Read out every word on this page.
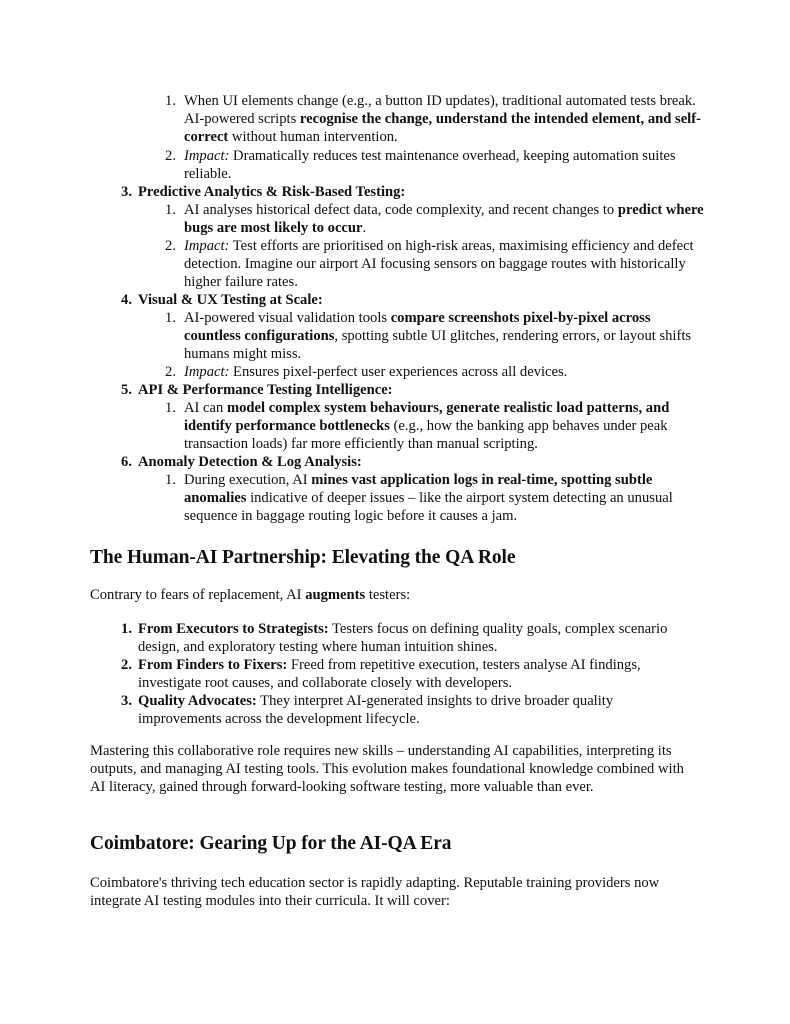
1. When UI elements change (e.g., a button ID updates), traditional automated tests break. AI-powered scripts recognise the change, understand the intended element, and self-correct without human intervention.
2. Impact: Dramatically reduces test maintenance overhead, keeping automation suites reliable.
3. Predictive Analytics & Risk-Based Testing:
1. AI analyses historical defect data, code complexity, and recent changes to predict where bugs are most likely to occur.
2. Impact: Test efforts are prioritised on high-risk areas, maximising efficiency and defect detection. Imagine our airport AI focusing sensors on baggage routes with historically higher failure rates.
4. Visual & UX Testing at Scale:
1. AI-powered visual validation tools compare screenshots pixel-by-pixel across countless configurations, spotting subtle UI glitches, rendering errors, or layout shifts humans might miss.
2. Impact: Ensures pixel-perfect user experiences across all devices.
5. API & Performance Testing Intelligence:
1. AI can model complex system behaviours, generate realistic load patterns, and identify performance bottlenecks (e.g., how the banking app behaves under peak transaction loads) far more efficiently than manual scripting.
6. Anomaly Detection & Log Analysis:
1. During execution, AI mines vast application logs in real-time, spotting subtle anomalies indicative of deeper issues – like the airport system detecting an unusual sequence in baggage routing logic before it causes a jam.
The Human-AI Partnership: Elevating the QA Role

Contrary to fears of replacement, AI augments testers:

1. From Executors to Strategists: Testers focus on defining quality goals, complex scenario design, and exploratory testing where human intuition shines.
2. From Finders to Fixers: Freed from repetitive execution, testers analyse AI findings, investigate root causes, and collaborate closely with developers.
3. Quality Advocates: They interpret AI-generated insights to drive broader quality improvements across the development lifecycle.

Mastering this collaborative role requires new skills – understanding AI capabilities, interpreting its outputs, and managing AI testing tools. This evolution makes foundational knowledge combined with AI literacy, gained through forward-looking software testing, more valuable than ever.

Coimbatore: Gearing Up for the AI-QA Era

Coimbatore's thriving tech education sector is rapidly adapting. Reputable training providers now integrate AI testing modules into their curricula. It will cover:
